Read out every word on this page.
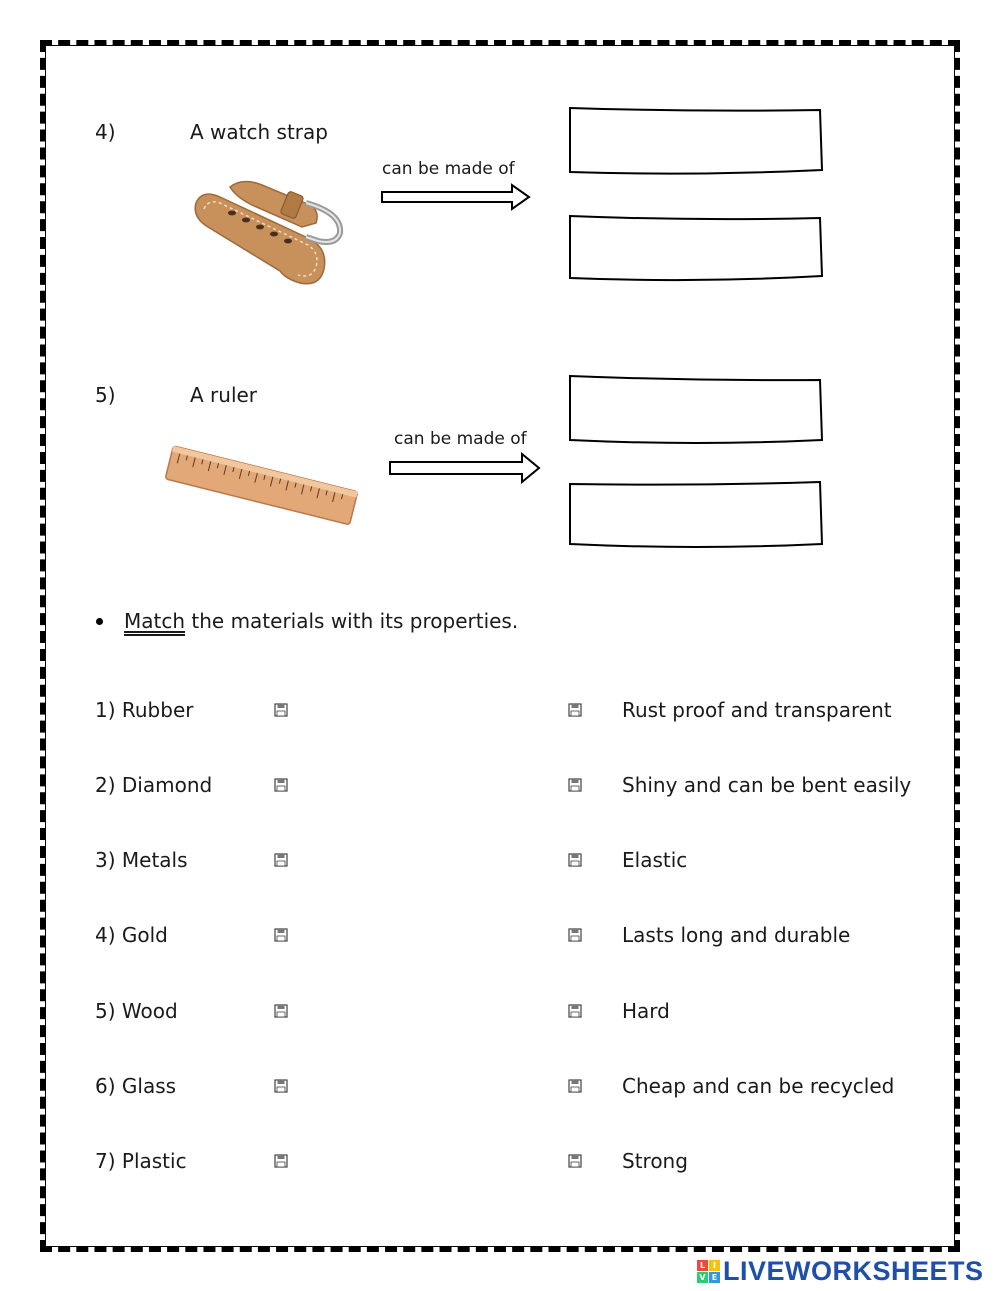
4)	A watch strap
can be made of
5)	A ruler
can be made of
Match the materials with its properties.
1) Rubber
2) Diamond
3) Metals
4) Gold
5) Wood
6) Glass
7) Plastic
Rust proof and transparent
Shiny and can be bent easily
Elastic
Lasts long and durable
Hard
Cheap and can be recycled
Strong
L I
V E LIVEWORKSHEETS
